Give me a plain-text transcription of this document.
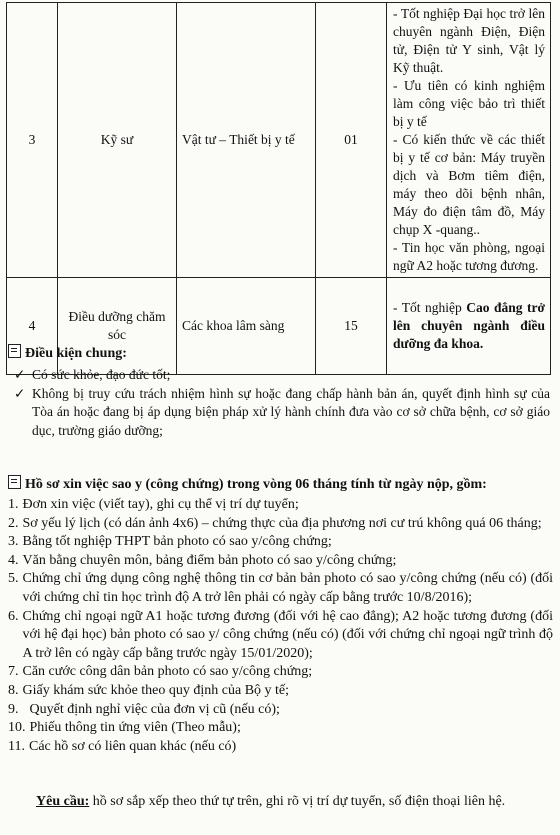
3	Kỹ sư	Vật tư – Thiết bị y tế	01	- Tốt nghiệp Đại học trở lên chuyên ngành Điện, Điện tử, Điện tử Y sinh, Vật lý Kỹ thuật.
- Ưu tiên có kinh nghiệm làm công việc bảo trì thiết bị y tế
- Có kiến thức về các thiết bị y tế cơ bản: Máy truyền dịch và Bơm tiêm điện, máy theo dõi bệnh nhân, Máy đo điện tâm đồ, Máy chụp X -quang..
- Tin học văn phòng, ngoại ngữ A2 hoặc tương đương.

4	Điều dưỡng chăm sóc	Các khoa lâm sàng	15	- Tốt nghiệp Cao đẳng trở lên chuyên ngành điều dưỡng đa khoa.
Điều kiện chung:
✓ Có sức khỏe, đạo đức tốt;
✓ Không bị truy cứu trách nhiệm hình sự hoặc đang chấp hành bản án, quyết định hình sự của Tòa án hoặc đang bị áp dụng biện pháp xử lý hành chính đưa vào cơ sở chữa bệnh, cơ sở giáo dục, trường giáo dưỡng;
Hồ sơ xin việc sao y (công chứng) trong vòng 06 tháng tính từ ngày nộp, gồm:
1. Đơn xin việc (viết tay), ghi cụ thể vị trí dự tuyển;
2. Sơ yếu lý lịch (có dán ảnh 4x6) – chứng thực của địa phương nơi cư trú không quá 06 tháng;
3. Bằng tốt nghiệp THPT bản photo có sao y/công chứng;
4. Văn bằng chuyên môn, bảng điểm bản photo có sao y/công chứng;
5. Chứng chỉ ứng dụng công nghệ thông tin cơ bản bản photo có sao y/công chứng (nếu có) (đối với chứng chỉ tin học trình độ A trở lên phải có ngày cấp bằng trước 10/8/2016);
6. Chứng chỉ ngoại ngữ A1 hoặc tương đương (đối với hệ cao đẳng); A2 hoặc tương đương (đối với hệ đại học) bản photo có sao y/ công chứng (nếu có) (đối với chứng chỉ ngoại ngữ trình độ A trở lên có ngày cấp bằng trước ngày 15/01/2020);
7. Căn cước công dân bản photo có sao y/công chứng;
8. Giấy khám sức khỏe theo quy định của Bộ y tế;
9. Quyết định nghỉ việc của đơn vị cũ (nếu có);
10. Phiếu thông tin ứng viên (Theo mẫu);
11. Các hồ sơ có liên quan khác (nếu có)
Yêu cầu: hồ sơ sắp xếp theo thứ tự trên, ghi rõ vị trí dự tuyển, số điện thoại liên hệ.
